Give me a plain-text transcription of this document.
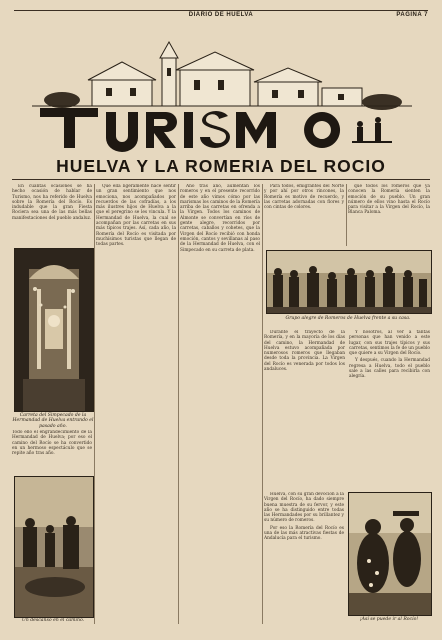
DIARIO DE HUELVA	PAGINA 7
HUELVA Y LA ROMERIA DEL ROCIO

En cuantas ocasiones se ha hecho ocasión de hablar de Turismo, nos ha referido de Huelva sobre la Romería del Rocío. Es indudable que la gran Fiesta Rociera sea una de las más bellas manifestaciones del pueblo andaluz.

Que ella ligeramente hace sentir un gran sentimiento que nos emociona, nos acompañados por recuerdos de las cofradías, a los más ilustres hijos de Huelva a la que el peregrino se les vincula. Y la Hermandad de Huelva, la cual se acompañan por las carretas en sus más típicos trajes. Así, cada año, la Romería del Rocío es visitada por muchísimos turistas que llegan de todas partes.

Año tras año, aumentan los romeros y en el presente recorrido de este año vimos cómo por las marismas los caminos de la Romería arriba de las carretas en ofrenda a la Virgen. Todos los caminos de Almonte se convertían en ríos de gente alegre, recorridos por carretas, caballos y cohetes, que la Virgen del Rocío recibió con honda emoción, cantos y sevillanas al paso de la Hermandad de Huelva, con el Simpecado en su carreta de plata.

Para todos, emigrantes del Norte y por ahí por otros rincones, la Romería es motivo de recuerdo, y las carretas adornadas con flores y con cintas de colores.

que todos los romeros que ya conocen la Romería sienten la emoción de su pueblo. Un gran número de ellos vino hasta el Rocío para visitar a la Virgen del Rocío, la Blanca Paloma.

Carreta del Simpecado de la Hermandad de Huelva entrando el pasado año.
Todo ello el engrandecimiento de la Hermandad de Huelva; por eso el camino del Rocío se ha convertido en un hermoso espectáculo que se repite año tras año.
Un descanso en el camino.
Grupo alegre de Romeros de Huelva frente a su casa.

Durante el trayecto de la Romería, y en la mayoría de los días del camino, la Hermandad de Huelva estuvo acompañada por numerosos romeros que llegaban desde toda la provincia. La Virgen del Rocío es venerada por todos los andaluces.

Y nosotros, al ver a tantas personas que han venido a este lugar, con sus trajes típicos y sus carretas, sentimos la fe de un pueblo que quiere a su Virgen del Rocío.

Y después, cuando la Hermandad regresa a Huelva, todo el pueblo sale a las calles para recibirla con alegría.

Huelva, con su gran devoción a la Virgen del Rocío, ha dado siempre buena muestra de su fervor, y este año se ha distinguido entre todas las Hermandades por su brillantez y su número de romeros.

Por eso la Romería del Rocío es una de las más atractivas fiestas de Andalucía para el turismo.

¡Así se puede ir al Rocío!
